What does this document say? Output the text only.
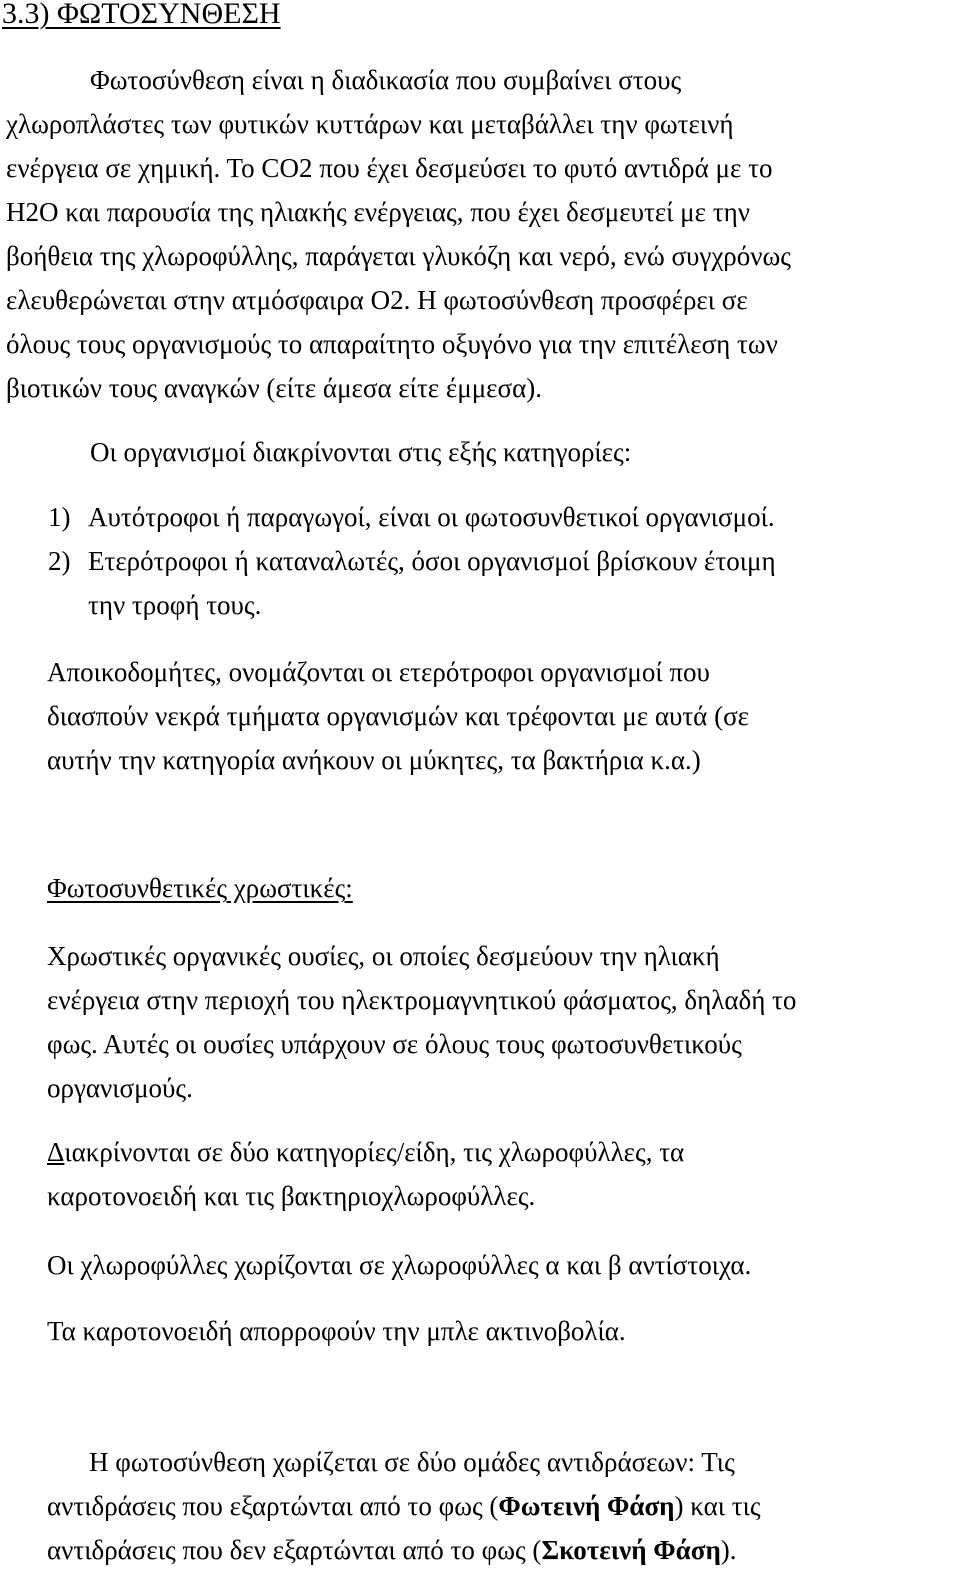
3.3) ΦΩΤΟΣΥΝΘΕΣΗ

Φωτοσύνθεση είναι η διαδικασία που συμβαίνει στους
χλωροπλάστες των φυτικών κυττάρων και μεταβάλλει την φωτεινή
ενέργεια σε χημική. Το CO2 που έχει δεσμεύσει το φυτό αντιδρά με το
H2O και παρουσία της ηλιακής ενέργειας, που έχει δεσμευτεί με την
βοήθεια της χλωροφύλλης, παράγεται γλυκόζη και νερό, ενώ συγχρόνως
ελευθερώνεται στην ατμόσφαιρα O2. Η φωτοσύνθεση προσφέρει σε
όλους τους οργανισμούς το απαραίτητο οξυγόνο για την επιτέλεση των
βιοτικών τους αναγκών (είτε άμεσα είτε έμμεσα).

Οι οργανισμοί διακρίνονται στις εξής κατηγορίες:

1) Αυτότροφοι ή παραγωγοί, είναι οι φωτοσυνθετικοί οργανισμοί.
2) Ετερότροφοι ή καταναλωτές, όσοι οργανισμοί βρίσκουν έτοιμη
την τροφή τους.

Αποικοδομήτες, ονομάζονται οι ετερότροφοι οργανισμοί που
διασπούν νεκρά τμήματα οργανισμών και τρέφονται με αυτά (σε
αυτήν την κατηγορία ανήκουν οι μύκητες, τα βακτήρια κ.α.)

Φωτοσυνθετικές χρωστικές:

Χρωστικές οργανικές ουσίες, οι οποίες δεσμεύουν την ηλιακή
ενέργεια στην περιοχή του ηλεκτρομαγνητικού φάσματος, δηλαδή το
φως. Αυτές οι ουσίες υπάρχουν σε όλους τους φωτοσυνθετικούς
οργανισμούς.

Διακρίνονται σε δύο κατηγορίες/είδη, τις χλωροφύλλες, τα
καροτονοειδή και τις βακτηριοχλωροφύλλες.

Οι χλωροφύλλες χωρίζονται σε χλωροφύλλες α και β αντίστοιχα.

Τα καροτονοειδή απορροφούν την μπλε ακτινοβολία.

Η φωτοσύνθεση χωρίζεται σε δύο ομάδες αντιδράσεων: Τις
αντιδράσεις που εξαρτώνται από το φως (Φωτεινή Φάση) και τις
αντιδράσεις που δεν εξαρτώνται από το φως (Σκοτεινή Φάση).
